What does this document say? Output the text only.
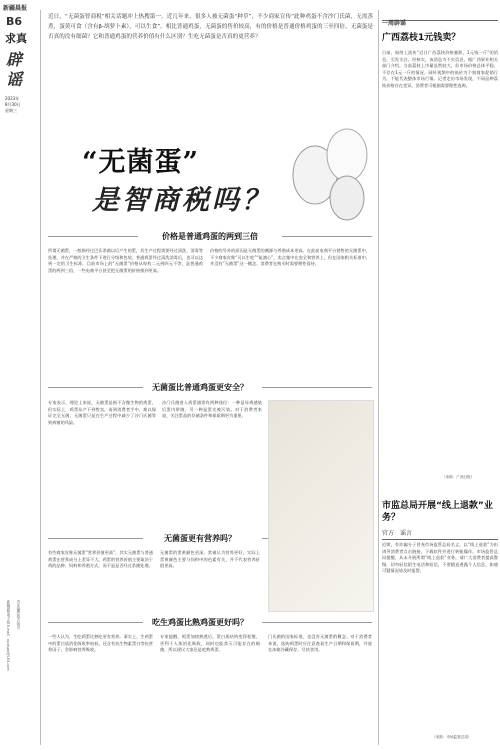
新疆晨报
B6
求真
辟谣
2023年
8月30日
星期三
新疆晨报电子版 E-mail：xjcbsjzx@163.com	责任编辑/版式/校对
近日，“无菌蛋智商税”相关话题冲上热搜第一。近几年来，很多人被无菌蛋“种草”，不少商家宣传“此种鸡蛋不含沙门氏菌，无需蒸煮，蛋黄可食（含有β-胡萝卜素），可以生食”。相比普通鸡蛋，无菌蛋的售价较高，有的价格是普通价格鸡蛋的三至四倍。无菌蛋是否真的没有细菌？它和普通鸡蛋的营养价值有什么区别？生吃无菌蛋是否真的更营养？
“无菌蛋”
是智商税吗？
价格是普通鸡蛋的两到三倍
所谓无菌蛋，一般指经过巴氏杀菌以后产生的蛋，其生产过程需要经过清洗、消毒等处理，并在严格的卫生条件下进行分级和包装。普通鸡蛋经过清洗消毒后，也可以达到一定的卫生标准。目前市场上的“无菌蛋”价格从每枚二元到四元不等，是普通鸡蛋的两到三倍，一些电商平台甚至把无菌蛋的价格推到更高。
价格的另外的原因是无菌蛋的溯源与养殖成本更高。在此前电商平台销售的无菌蛋中，不少商家宣称“可以生吃”“能溏心”，卖点集中在安全和营养上，但在国家相关标准中，并没有“无菌蛋”这一概念。消费者在购买时需要理性看待。
无菌蛋比普通鸡蛋更安全？
专家表示，理论上来说，无菌蛋是指不含微生物的鸡蛋，但实际上，鸡蛋从产下到售卖，再到消费者手中，难以保证完全无菌。无菌蛋只是在生产过程中减少了沙门氏菌等致病菌的风险。
沙门氏菌进入鸡蛋通常有两种途径：一种是母鸡感染后蛋内带菌，另一种是蛋壳被污染。对于消费者来说，关注蛋品的存储条件和保质期更为重要。
无菌蛋更有营养吗？
有些商家宣称无菌蛋“营养价值更高”，其实无菌蛋与普通鸡蛋在营养成分上差异不大。鸡蛋的营养价值主要取决于鸡的品种、饲料和养殖方式，而不是是否经过杀菌处理。
无菌蛋的蛋黄颜色更深，常被认为营养更好，实际上蛋黄颜色主要与饲料中的色素有关，并不代表营养价值更高。
吃生鸡蛋比熟鸡蛋更好吗？
一些人认为，生吃鸡蛋比熟吃更有营养。事实上，生鸡蛋中的蛋白质消化吸收率较低，还含有抗生物素蛋白等抗营养因子，会影响营养吸收。
专家提醒，鸡蛋加热熟透后，蛋白质结构变得松散，更利于人体消化吸收，同时也能杀灭可能存在的细菌，所以建议大家还是吃熟鸡蛋。
门氏菌的国家标准，也没有无菌蛋的概念。对于消费者来说，选购鸡蛋时应注意查看生产日期和保质期，并放在冰箱冷藏保存，尽快食用。
一周辟谣
广西荔枝1元钱卖？
日前，网络上流传“近日广西荔枝价格暴跌，1元钱一斤”的消息，引发关注。经核实，该消息为不实信息。据广西果业相关部门介绍，当前荔枝上市量虽然较大，但市场价格总体平稳，不存在1元一斤的情况。网传视频中的低价为个别商家促销行为，不能代表整体市场行情。记者走访市场发现，不同品种荔枝价格存在差异，消费者可根据需要理性选购。
（来源：广西日报）
市监总局开展“线上退款”业务？
官方　谣言
近期，有诈骗分子冒充市场监管总局名义，以“线上退款”为由诱导消费者点击链接、下载软件并进行转账操作。市场监管总局提醒，从未开展所谓“线上退款”业务，请广大消费者提高警惕，切勿轻信陌生电话和短信，不要随意透露个人信息，如遇可疑情况请及时报警。
（来源：市场监管总局）
